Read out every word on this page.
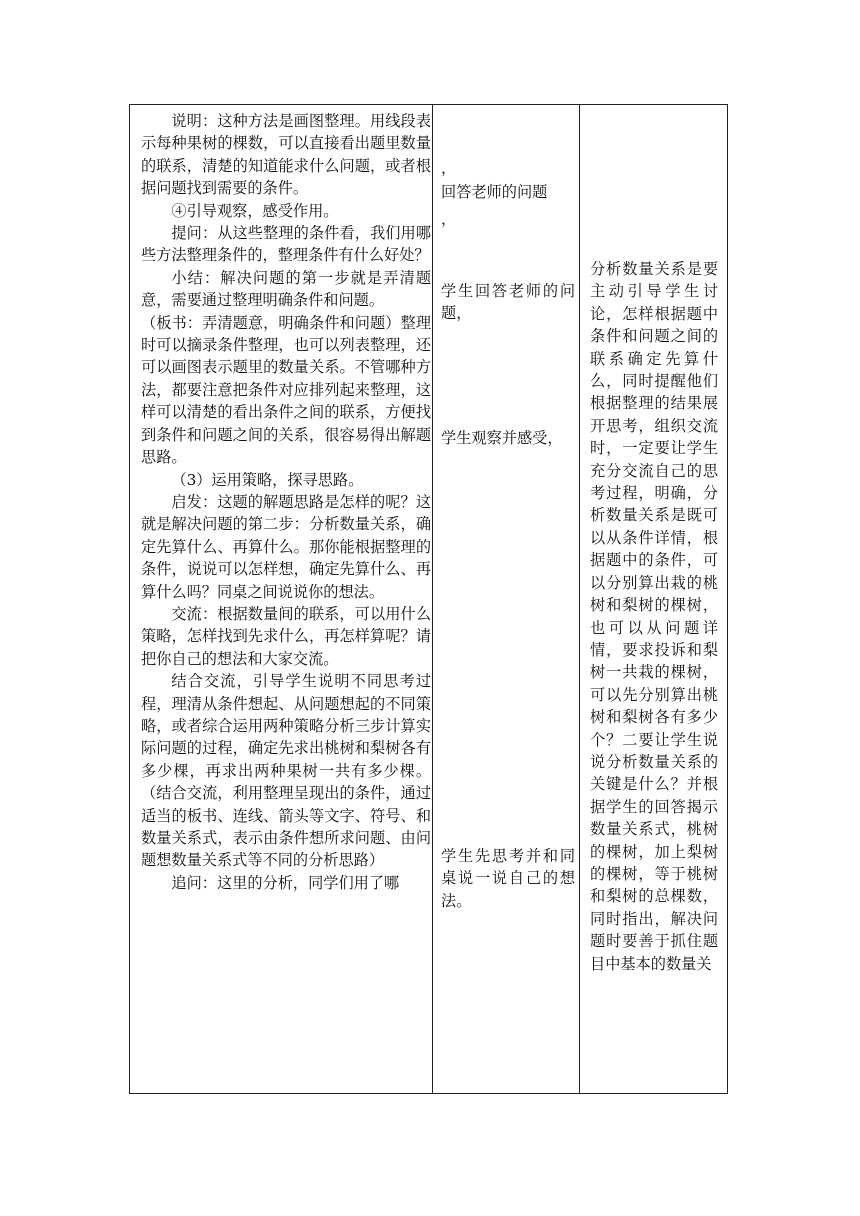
说明：这种方法是画图整理。用线段表示每种果树的棵数，可以直接看出题里数量的联系，清楚的知道能求什么问题，或者根据问题找到需要的条件。

④引导观察，感受作用。

提问：从这些整理的条件看，我们用哪些方法整理条件的，整理条件有什么好处？

小结：解决问题的第一步就是弄清题意，需要通过整理明确条件和问题。

（板书：弄清题意，明确条件和问题）整理时可以摘录条件整理，也可以列表整理，还可以画图表示题里的数量关系。不管哪种方法，都要注意把条件对应排列起来整理，这样可以清楚的看出条件之间的联系，方便找到条件和问题之间的关系，很容易得出解题思路。

（3）运用策略，探寻思路。

启发：这题的解题思路是怎样的呢？这就是解决问题的第二步：分析数量关系，确定先算什么、再算什么。那你能根据整理的条件，说说可以怎样想，确定先算什么、再算什么吗？同桌之间说说你的想法。

交流：根据数量间的联系，可以用什么策略，怎样找到先求什么，再怎样算呢？请把你自己的想法和大家交流。

结合交流，引导学生说明不同思考过程，理清从条件想起、从问题想起的不同策略，或者综合运用两种策略分析三步计算实际问题的过程，确定先求出桃树和梨树各有多少棵，再求出两种果树一共有多少棵。（结合交流，利用整理呈现出的条件，通过适当的板书、连线、箭头等文字、符号、和数量关系式，表示由条件想所求问题、由问题想数量关系式等不同的分析思路）

追问：这里的分析，同学们用了哪

，

回答老师的问题

，

学生回答老师的问题，

学生观察并感受，

学生先思考并和同桌说一说自己的想法。

分析数量关系是要主动引导学生讨论，怎样根据题中条件和问题之间的联系确定先算什么，同时提醒他们根据整理的结果展开思考，组织交流时，一定要让学生充分交流自己的思考过程，明确，分析数量关系是既可以从条件详情，根据题中的条件，可以分别算出栽的桃树和梨树的棵树，也可以从问题详情，要求投诉和梨树一共栽的棵树，可以先分别算出桃树和梨树各有多少个？二要让学生说说分析数量关系的关键是什么？并根据学生的回答揭示数量关系式，桃树的棵树，加上梨树的棵树，等于桃树和梨树的总棵数，同时指出，解决问题时要善于抓住题目中基本的数量关
